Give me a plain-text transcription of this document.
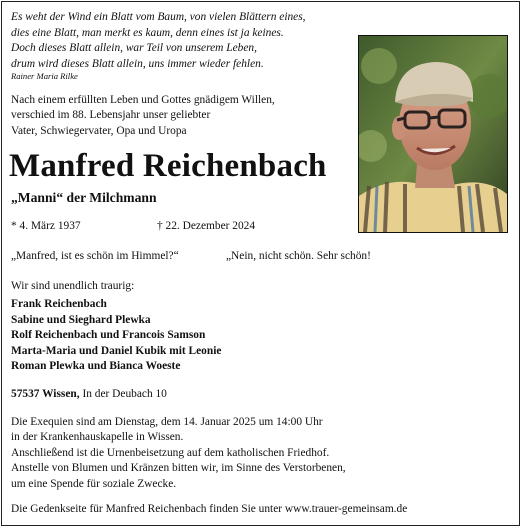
Es weht der Wind ein Blatt vom Baum, von vielen Blättern eines,
dies eine Blatt, man merkt es kaum, denn eines ist ja keines.
Doch dieses Blatt allein, war Teil von unserem Leben,
drum wird dieses Blatt allein, uns immer wieder fehlen.
Rainer Maria Rilke
Nach einem erfüllten Leben und Gottes gnädigem Willen,
verschied im 88. Lebensjahr unser geliebter
Vater, Schwiegervater, Opa und Uropa
Manfred Reichenbach
„Manni“ der Milchmann
* 4. März 1937	† 22. Dezember 2024
„Manfred, ist es schön im Himmel?“	„Nein, nicht schön. Sehr schön!
Wir sind unendlich traurig:
Frank Reichenbach
Sabine und Sieghard Plewka
Rolf Reichenbach und Francois Samson
Marta-Maria und Daniel Kubik mit Leonie
Roman Plewka und Bianca Woeste
57537 Wissen, In der Deubach 10
Die Exequien sind am Dienstag, dem 14. Januar 2025 um 14:00 Uhr
in der Krankenhauskapelle in Wissen.
Anschließend ist die Urnenbeisetzung auf dem katholischen Friedhof.
Anstelle von Blumen und Kränzen bitten wir, im Sinne des Verstorbenen,
um eine Spende für soziale Zwecke.
Die Gedenkseite für Manfred Reichenbach finden Sie unter www.trauer-gemeinsam.de
